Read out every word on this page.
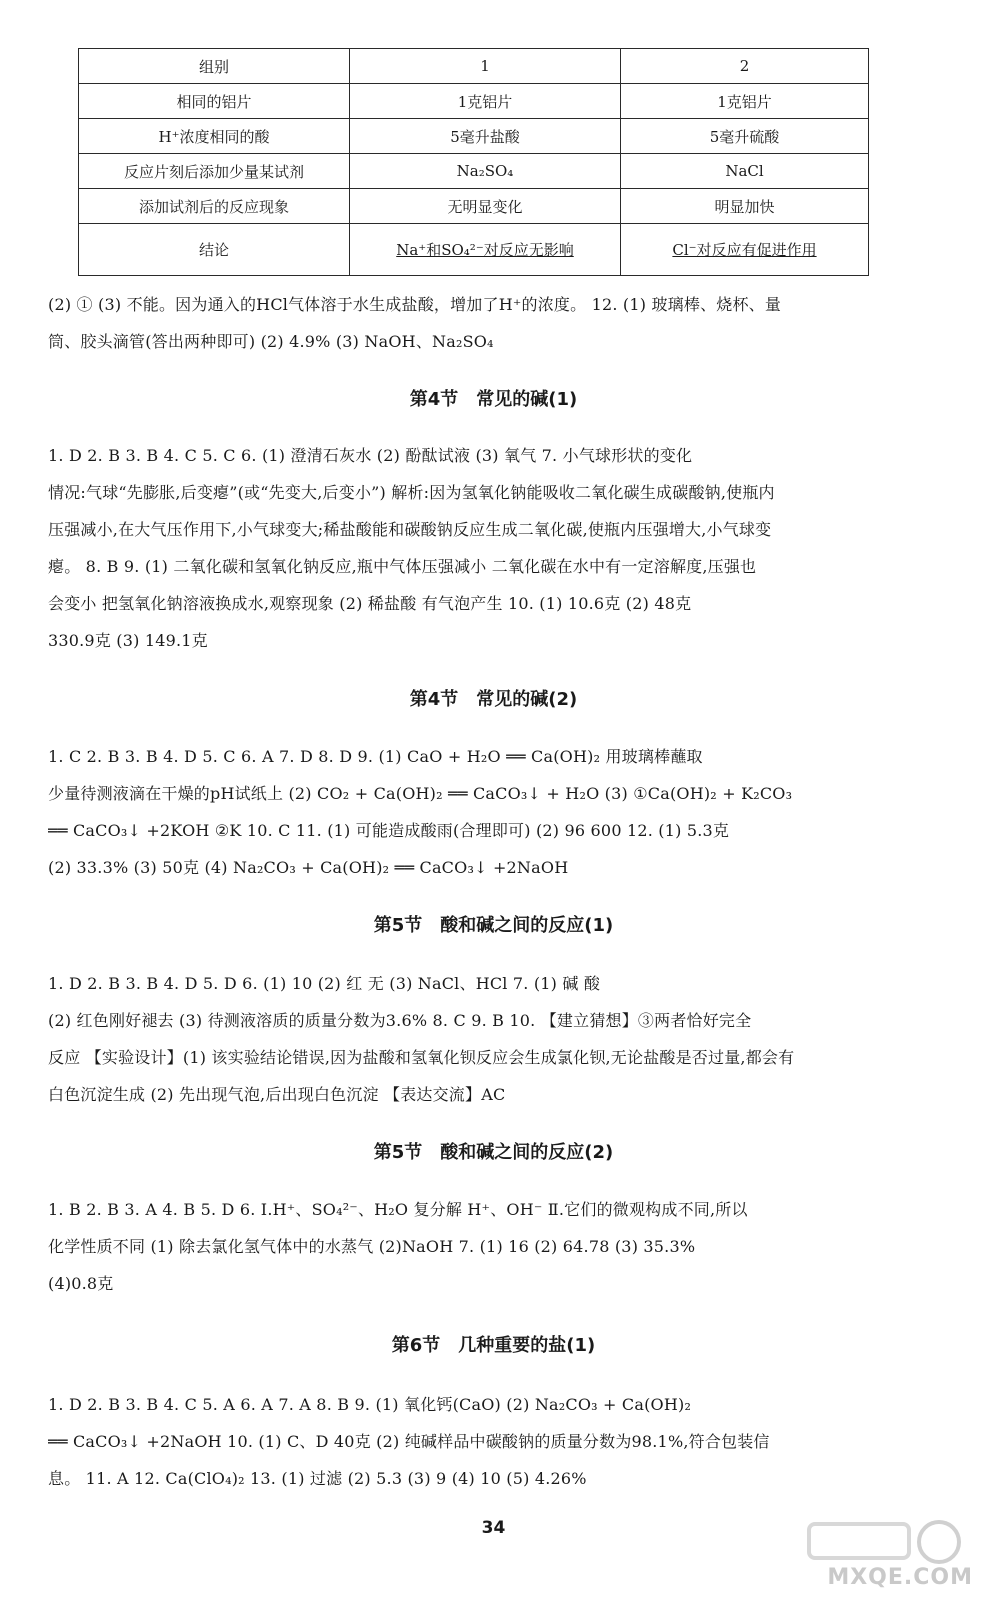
组别	1	2
相同的铝片	1克铝片	1克铝片
H⁺浓度相同的酸	5毫升盐酸	5毫升硫酸
反应片刻后添加少量某试剂	Na₂SO₄	NaCl
添加试剂后的反应现象	无明显变化	明显加快
结论	Na⁺和SO₄²⁻对反应无影响	Cl⁻对反应有促进作用
(2) ① (3) 不能。因为通入的HCl气体溶于水生成盐酸，增加了H⁺的浓度。 12. (1) 玻璃棒、烧杯、量
筒、胶头滴管(答出两种即可) (2) 4.9% (3) NaOH、Na₂SO₄
第4节　常见的碱(1)
1. D 2. B 3. B 4. C 5. C 6. (1) 澄清石灰水 (2) 酚酞试液 (3) 氧气 7. 小气球形状的变化
情况:气球“先膨胀,后变瘪”(或“先变大,后变小”) 解析:因为氢氧化钠能吸收二氧化碳生成碳酸钠,使瓶内
压强减小,在大气压作用下,小气球变大;稀盐酸能和碳酸钠反应生成二氧化碳,使瓶内压强增大,小气球变
瘪。 8. B 9. (1) 二氧化碳和氢氧化钠反应,瓶中气体压强减小 二氧化碳在水中有一定溶解度,压强也
会变小 把氢氧化钠溶液换成水,观察现象 (2) 稀盐酸 有气泡产生 10. (1) 10.6克 (2) 48克
330.9克 (3) 149.1克
第4节　常见的碱(2)
1. C 2. B 3. B 4. D 5. C 6. A 7. D 8. D 9. (1) CaO + H₂O ══ Ca(OH)₂ 用玻璃棒蘸取
少量待测液滴在干燥的pH试纸上 (2) CO₂ + Ca(OH)₂ ══ CaCO₃↓ + H₂O (3) ①Ca(OH)₂ + K₂CO₃
══ CaCO₃↓ +2KOH ②K 10. C 11. (1) 可能造成酸雨(合理即可) (2) 96 600 12. (1) 5.3克
(2) 33.3% (3) 50克 (4) Na₂CO₃ + Ca(OH)₂ ══ CaCO₃↓ +2NaOH
第5节　酸和碱之间的反应(1)
1. D 2. B 3. B 4. D 5. D 6. (1) 10 (2) 红 无 (3) NaCl、HCl 7. (1) 碱 酸
(2) 红色刚好褪去 (3) 待测液溶质的质量分数为3.6% 8. C 9. B 10. 【建立猜想】③两者恰好完全
反应 【实验设计】(1) 该实验结论错误,因为盐酸和氢氧化钡反应会生成氯化钡,无论盐酸是否过量,都会有
白色沉淀生成 (2) 先出现气泡,后出现白色沉淀 【表达交流】AC
第5节　酸和碱之间的反应(2)
1. B 2. B 3. A 4. B 5. D 6. Ⅰ.H⁺、SO₄²⁻、H₂O 复分解 H⁺、OH⁻ Ⅱ.它们的微观构成不同,所以
化学性质不同 (1) 除去氯化氢气体中的水蒸气 (2)NaOH 7. (1) 16 (2) 64.78 (3) 35.3%
(4)0.8克
第6节　几种重要的盐(1)
1. D 2. B 3. B 4. C 5. A 6. A 7. A 8. B 9. (1) 氧化钙(CaO) (2) Na₂CO₃ + Ca(OH)₂
══ CaCO₃↓ +2NaOH 10. (1) C、D 40克 (2) 纯碱样品中碳酸钠的质量分数为98.1%,符合包装信
息。 11. A 12. Ca(ClO₄)₂ 13. (1) 过滤 (2) 5.3 (3) 9 (4) 10 (5) 4.26%
34
MXQE.COM
